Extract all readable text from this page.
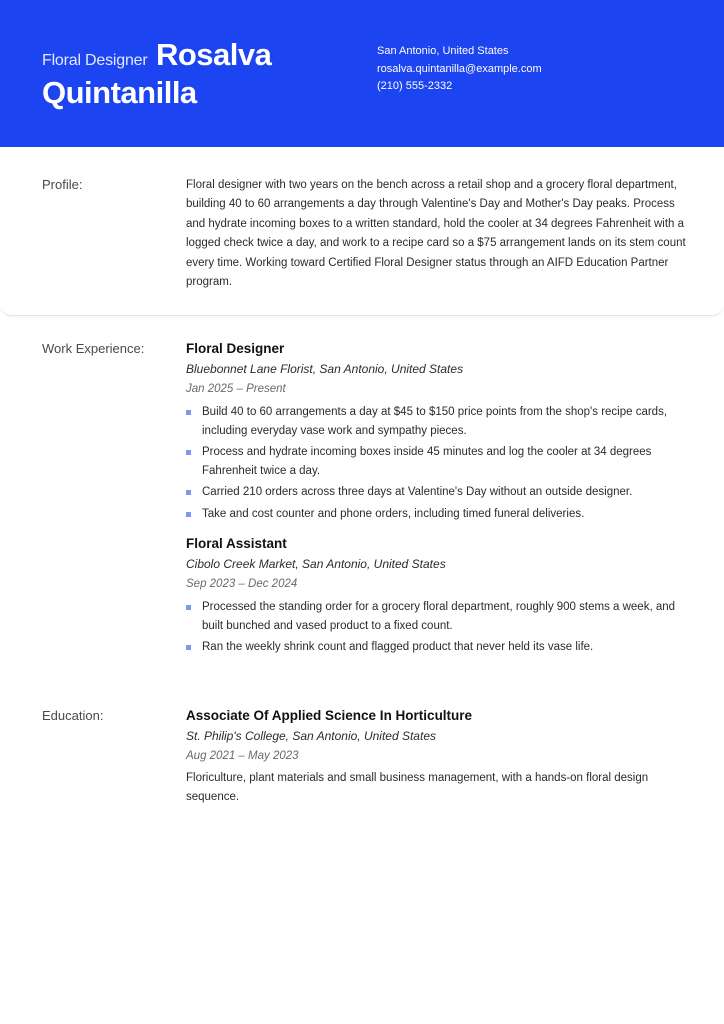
Floral Designer Rosalva
Quintanilla
San Antonio, United States
rosalva.quintanilla@example.com
(210) 555-2332
Profile:	Floral designer with two years on the bench across a retail shop and a grocery floral department, building 40 to 60 arrangements a day through Valentine's Day and Mother's Day peaks. Process and hydrate incoming boxes to a written standard, hold the cooler at 34 degrees Fahrenheit with a logged check twice a day, and work to a recipe card so a $75 arrangement lands on its stem count every time. Working toward Certified Floral Designer status through an AIFD Education Partner program.
Work Experience:	Floral Designer
Bluebonnet Lane Florist, San Antonio, United States
Jan 2025 – Present
Build 40 to 60 arrangements a day at $45 to $150 price points from the shop's recipe cards, including everyday vase work and sympathy pieces.
Process and hydrate incoming boxes inside 45 minutes and log the cooler at 34 degrees Fahrenheit twice a day.
Carried 210 orders across three days at Valentine's Day without an outside designer.
Take and cost counter and phone orders, including timed funeral deliveries.
Floral Assistant
Cibolo Creek Market, San Antonio, United States
Sep 2023 – Dec 2024
Processed the standing order for a grocery floral department, roughly 900 stems a week, and built bunched and vased product to a fixed count.
Ran the weekly shrink count and flagged product that never held its vase life.
Education:	Associate Of Applied Science In Horticulture
St. Philip's College, San Antonio, United States
Aug 2021 – May 2023
Floriculture, plant materials and small business management, with a hands-on floral design sequence.
